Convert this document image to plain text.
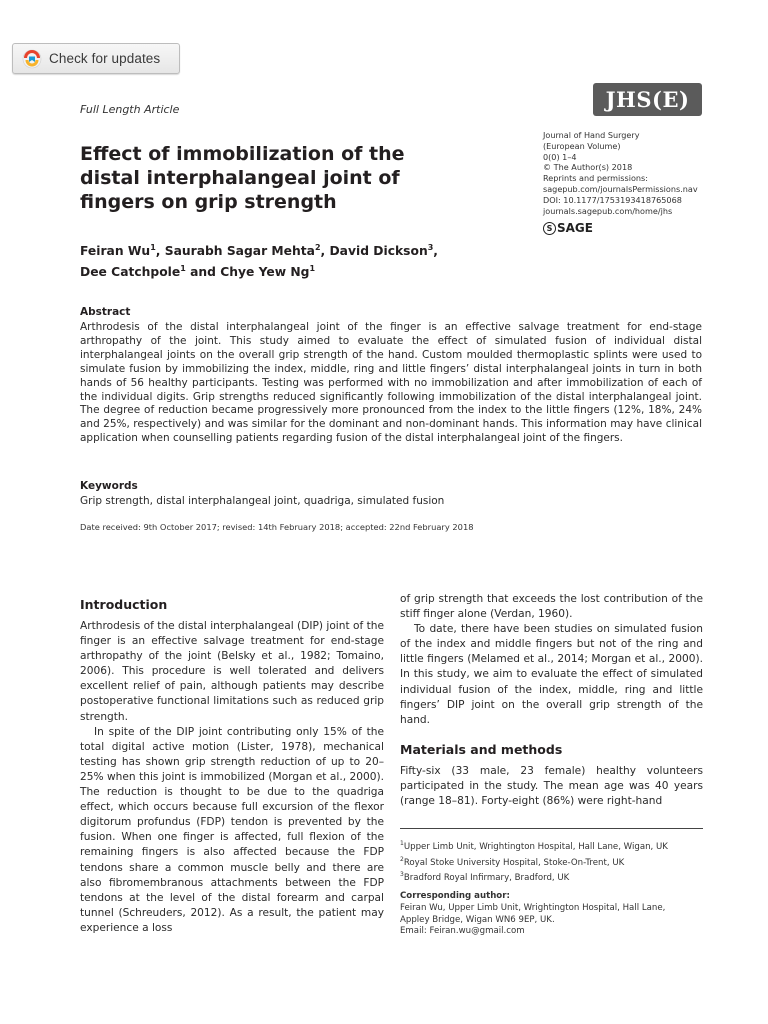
Check for updates
Full Length Article	JHS(E)
Effect of immobilization of the distal interphalangeal joint of fingers on grip strength
Journal of Hand Surgery
(European Volume)
0(0) 1–4
© The Author(s) 2018
Reprints and permissions:
sagepub.com/journalsPermissions.nav
DOI: 10.1177/1753193418765068
journals.sagepub.com/home/jhs
S SAGE
Feiran Wu$^1$, Saurabh Sagar Mehta$^2$, David Dickson$^3$,
Dee Catchpole$^1$ and Chye Yew Ng$^1$
Abstract
Arthrodesis of the distal interphalangeal joint of the finger is an effective salvage treatment for end-stage arthropathy of the joint. This study aimed to evaluate the effect of simulated fusion of individual distal interphalangeal joints on the overall grip strength of the hand. Custom moulded thermoplastic splints were used to simulate fusion by immobilizing the index, middle, ring and little fingers’ distal interphalangeal joints in turn in both hands of 56 healthy participants. Testing was performed with no immobilization and after immobilization of each of the individual digits. Grip strengths reduced significantly following immobilization of the distal interphalangeal joint. The degree of reduction became progressively more pronounced from the index to the little fingers (12%, 18%, 24% and 25%, respectively) and was similar for the dominant and non-dominant hands. This information may have clinical application when counselling patients regarding fusion of the distal interphalangeal joint of the fingers.
Keywords
Grip strength, distal interphalangeal joint, quadriga, simulated fusion
Date received: 9th October 2017; revised: 14th February 2018; accepted: 22nd February 2018
Introduction

Arthrodesis of the distal interphalangeal (DIP) joint of the finger is an effective salvage treatment for end-stage arthropathy of the joint (Belsky et al., 1982; Tomaino, 2006). This procedure is well tolerated and delivers excellent relief of pain, although patients may describe postoperative functional limitations such as reduced grip strength.

In spite of the DIP joint contributing only 15% of the total digital active motion (Lister, 1978), mechanical testing has shown grip strength reduction of up to 20–25% when this joint is immobilized (Morgan et al., 2000). The reduction is thought to be due to the quadriga effect, which occurs because full excursion of the flexor digitorum profundus (FDP) tendon is prevented by the fusion. When one finger is affected, full flexion of the remaining fingers is also affected because the FDP tendons share a common muscle belly and there are also fibromembranous attachments between the FDP tendons at the level of the distal forearm and carpal tunnel (Schreuders, 2012). As a result, the patient may experience a loss

of grip strength that exceeds the lost contribution of the stiff finger alone (Verdan, 1960).

To date, there have been studies on simulated fusion of the index and middle fingers but not of the ring and little fingers (Melamed et al., 2014; Morgan et al., 2000). In this study, we aim to evaluate the effect of simulated individual fusion of the index, middle, ring and little fingers’ DIP joint on the overall grip strength of the hand.

Materials and methods

Fifty-six (33 male, 23 female) healthy volunteers participated in the study. The mean age was 40 years (range 18–81). Forty-eight (86%) were right-hand

$^1$Upper Limb Unit, Wrightington Hospital, Hall Lane, Wigan, UK
$^2$Royal Stoke University Hospital, Stoke-On-Trent, UK
$^3$Bradford Royal Infirmary, Bradford, UK
Corresponding author:
Feiran Wu, Upper Limb Unit, Wrightington Hospital, Hall Lane,
Appley Bridge, Wigan WN6 9EP, UK.
Email: Feiran.wu@gmail.com
